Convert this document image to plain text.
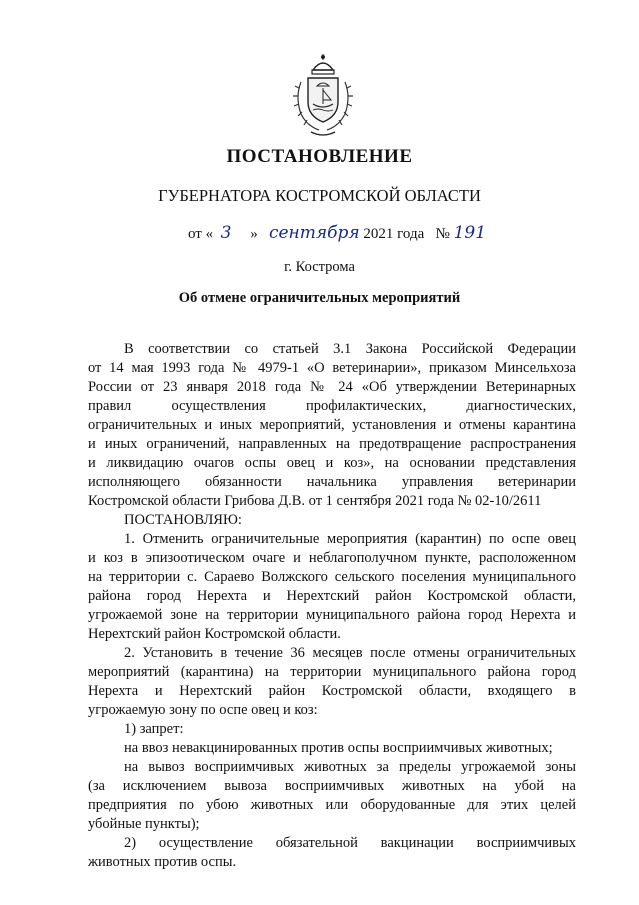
ПОСТАНОВЛЕНИЕ
ГУБЕРНАТОРА КОСТРОМСКОЙ ОБЛАСТИ
от « 3 » сентября 2021 года № 191
г. Кострома
Об отмене ограничительных мероприятий
В соответствии со статьей 3.1 Закона Российской Федерации
от 14 мая 1993 года № 4979-1 «О ветеринарии», приказом Минсельхоза
России от 23 января 2018 года № 24 «Об утверждении Ветеринарных
правил осуществления профилактических, диагностических,
ограничительных и иных мероприятий, установления и отмены карантина
и иных ограничений, направленных на предотвращение распространения
и ликвидацию очагов оспы овец и коз», на основании представления
исполняющего обязанности начальника управления ветеринарии
Костромской области Грибова Д.В. от 1 сентября 2021 года № 02-10/2611
ПОСТАНОВЛЯЮ:
1. Отменить ограничительные мероприятия (карантин) по оспе овец
и коз в эпизоотическом очаге и неблагополучном пункте, расположенном
на территории с. Сараево Волжского сельского поселения муниципального
района город Нерехта и Нерехтский район Костромской области,
угрожаемой зоне на территории муниципального района город Нерехта и
Нерехтский район Костромской области.
2. Установить в течение 36 месяцев после отмены ограничительных
мероприятий (карантина) на территории муниципального района город
Нерехта и Нерехтский район Костромской области, входящего в
угрожаемую зону по оспе овец и коз:
1) запрет:
на ввоз невакцинированных против оспы восприимчивых животных;
на вывоз восприимчивых животных за пределы угрожаемой зоны
(за исключением вывоза восприимчивых животных на убой на
предприятия по убою животных или оборудованные для этих целей
убойные пункты);
2) осуществление обязательной вакцинации восприимчивых
животных против оспы.
